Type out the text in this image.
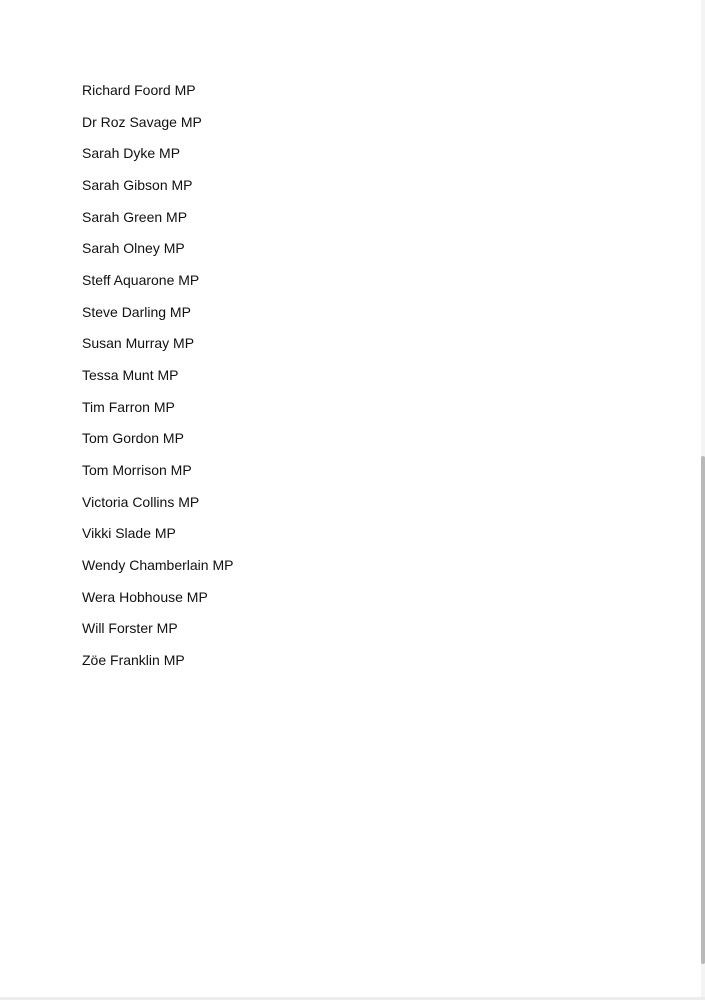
Richard Foord MP
Dr Roz Savage MP
Sarah Dyke MP
Sarah Gibson MP
Sarah Green MP
Sarah Olney MP
Steff Aquarone MP
Steve Darling MP
Susan Murray MP
Tessa Munt MP
Tim Farron MP
Tom Gordon MP
Tom Morrison MP
Victoria Collins MP
Vikki Slade MP
Wendy Chamberlain MP
Wera Hobhouse MP
Will Forster MP
Zöe Franklin MP
